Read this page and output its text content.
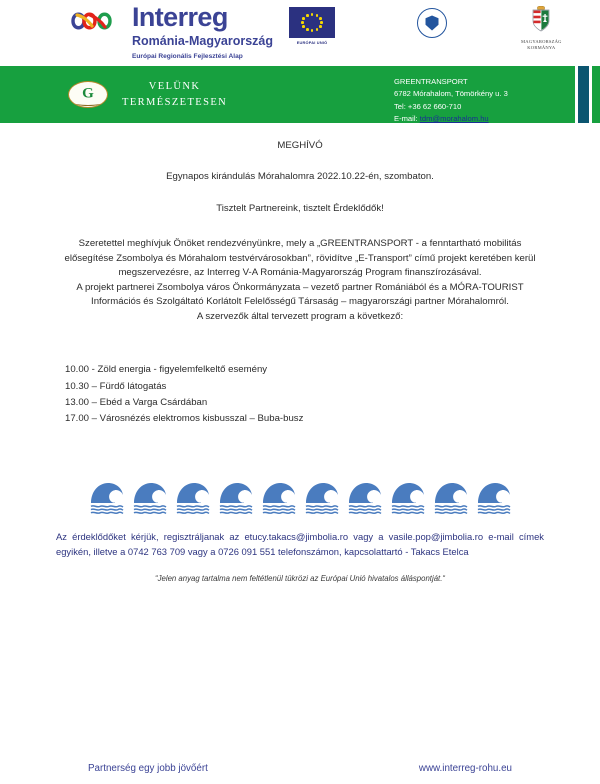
Interreg
Románia-Magyarország
Európai Regionális Fejlesztési Alap
EURÓPAI UNIÓ	MAGYARORSZÁG
KORMÁNYA
G	VELÜNK
TERMÉSZETESEN
GREENTRANSPORT
6782 Mórahalom, Tömörkény u. 3
Tel: +36 62 660-710
E-mail: tdm@morahalom.hu
MEGHÍVÓ
Egynapos kirándulás Mórahalomra 2022.10.22-én, szombaton.
Tisztelt Partnereink, tisztelt Érdeklődők!
Szeretettel meghívjuk Önöket rendezvényünkre, mely a „GREENTRANSPORT - a fenntartható mobilitás elősegítése Zsombolya és Mórahalom testvérvárosokban”, rövidítve „E-Transport” című projekt keretében kerül megszervezésre, az Interreg V-A Románia-Magyarország Program finanszírozásával.
A projekt partnerei Zsombolya város Önkormányzata – vezető partner Romániából és a MÓRA-TOURIST Információs és Szolgáltató Korlátolt Felelősségű Társaság – magyarországi partner Mórahalomról.
A szervezők által tervezett program a következő:
10.00 - Zöld energia - figyelemfelkeltő esemény
10.30 – Fürdő látogatás
13.00 – Ebéd a Varga Csárdában
17.00 – Városnézés elektromos kisbusszal – Buba-busz
Az érdeklődőket kérjük, regisztráljanak az etucy.takacs@jimbolia.ro vagy a vasile.pop@jimbolia.ro e-mail címek egyikén, illetve a 0742 763 709 vagy a 0726 091 551 telefonszámon, kapcsolattartó - Takacs Etelca
“Jelen anyag tartalma nem feltétlenül tükrözi az Európai Unió hivatalos álláspontját.“
Partnerség egy jobb jövőért	www.interreg-rohu.eu
